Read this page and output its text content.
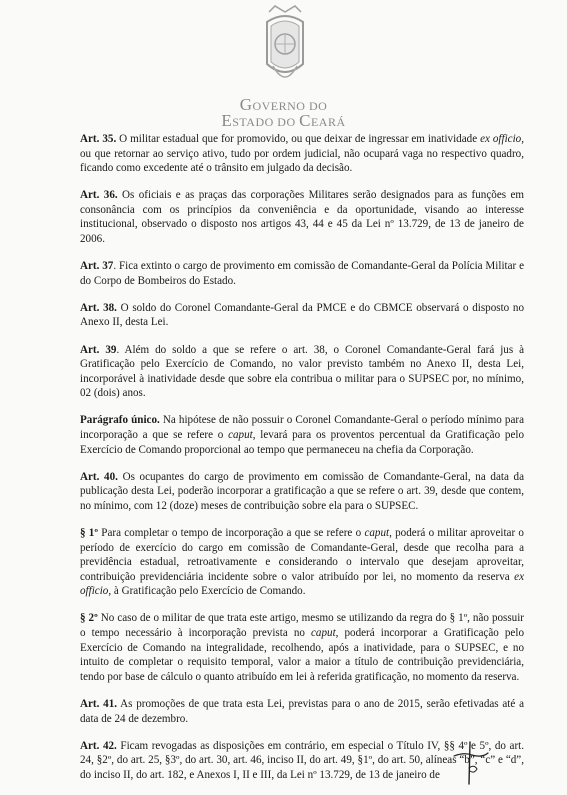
GOVERNO DO
ESTADO DO CEARÁ

Art. 35. O militar estadual que for promovido, ou que deixar de ingressar em inatividade ex officio, ou que retornar ao serviço ativo, tudo por ordem judicial, não ocupará vaga no respectivo quadro, ficando como excedente até o trânsito em julgado da decisão.

Art. 36. Os oficiais e as praças das corporações Militares serão designados para as funções em consonância com os princípios da conveniência e da oportunidade, visando ao interesse institucional, observado o disposto nos artigos 43, 44 e 45 da Lei nº 13.729, de 13 de janeiro de 2006.

Art. 37. Fica extinto o cargo de provimento em comissão de Comandante-Geral da Polícia Militar e do Corpo de Bombeiros do Estado.

Art. 38. O soldo do Coronel Comandante-Geral da PMCE e do CBMCE observará o disposto no Anexo II, desta Lei.

Art. 39. Além do soldo a que se refere o art. 38, o Coronel Comandante-Geral fará jus à Gratificação pelo Exercício de Comando, no valor previsto também no Anexo II, desta Lei, incorporável à inatividade desde que sobre ela contribua o militar para o SUPSEC por, no mínimo, 02 (dois) anos.

Parágrafo único. Na hipótese de não possuir o Coronel Comandante-Geral o período mínimo para incorporação a que se refere o caput, levará para os proventos percentual da Gratificação pelo Exercício de Comando proporcional ao tempo que permaneceu na chefia da Corporação.

Art. 40. Os ocupantes do cargo de provimento em comissão de Comandante-Geral, na data da publicação desta Lei, poderão incorporar a gratificação a que se refere o art. 39, desde que contem, no mínimo, com 12 (doze) meses de contribuição sobre ela para o SUPSEC.

§ 1º Para completar o tempo de incorporação a que se refere o caput, poderá o militar aproveitar o período de exercício do cargo em comissão de Comandante-Geral, desde que recolha para a previdência estadual, retroativamente e considerando o intervalo que desejam aproveitar, contribuição previdenciária incidente sobre o valor atribuído por lei, no momento da reserva ex officio, à Gratificação pelo Exercício de Comando.

§ 2º No caso de o militar de que trata este artigo, mesmo se utilizando da regra do § 1º, não possuir o tempo necessário à incorporação prevista no caput, poderá incorporar a Gratificação pelo Exercício de Comando na integralidade, recolhendo, após a inatividade, para o SUPSEC, e no intuito de completar o requisito temporal, valor a maior a título de contribuição previdenciária, tendo por base de cálculo o quanto atribuído em lei à referida gratificação, no momento da reserva.

Art. 41. As promoções de que trata esta Lei, previstas para o ano de 2015, serão efetivadas até a data de 24 de dezembro.

Art. 42. Ficam revogadas as disposições em contrário, em especial o Título IV, §§ 4º e 5º, do art. 24, §2º, do art. 25, §3º, do art. 30, art. 46, inciso II, do art. 49, §1º, do art. 50, alíneas “b”, “c” e “d”, do inciso II, do art. 182, e Anexos I, II e III, da Lei nº 13.729, de 13 de janeiro de
